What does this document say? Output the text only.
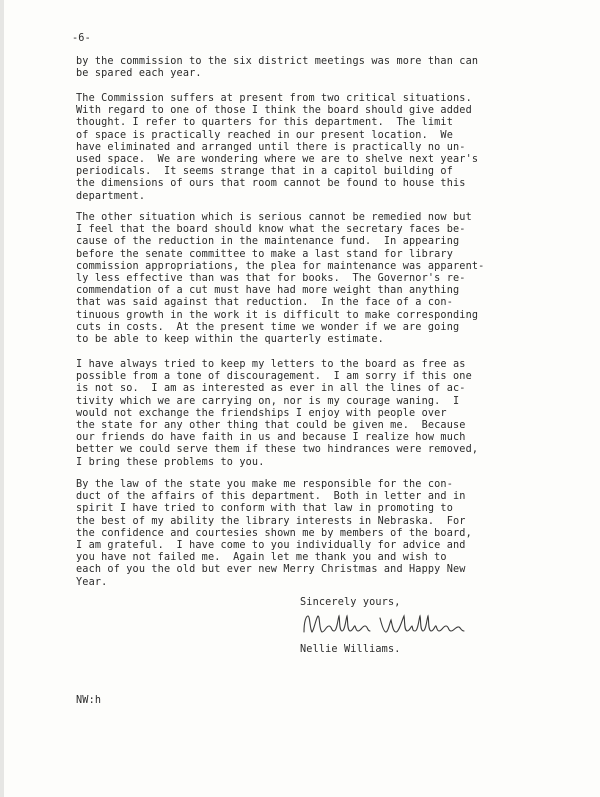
-6-
by the commission to the six district meetings was more than can
be spared each year.
The Commission suffers at present from two critical situations.
With regard to one of those I think the board should give added
thought. I refer to quarters for this department.  The limit
of space is practically reached in our present location.  We
have eliminated and arranged until there is practically no un-
used space.  We are wondering where we are to shelve next year's
periodicals.  It seems strange that in a capitol building of
the dimensions of ours that room cannot be found to house this
department.
The other situation which is serious cannot be remedied now but
I feel that the board should know what the secretary faces be-
cause of the reduction in the maintenance fund.  In appearing
before the senate committee to make a last stand for library
commission appropriations, the plea for maintenance was apparent-
ly less effective than was that for books.  The Governor's re-
commendation of a cut must have had more weight than anything
that was said against that reduction.  In the face of a con-
tinuous growth in the work it is difficult to make corresponding
cuts in costs.  At the present time we wonder if we are going
to be able to keep within the quarterly estimate.
I have always tried to keep my letters to the board as free as
possible from a tone of discouragement.  I am sorry if this one
is not so.  I am as interested as ever in all the lines of ac-
tivity which we are carrying on, nor is my courage waning.  I
would not exchange the friendships I enjoy with people over
the state for any other thing that could be given me.  Because
our friends do have faith in us and because I realize how much
better we could serve them if these two hindrances were removed,
I bring these problems to you.
By the law of the state you make me responsible for the con-
duct of the affairs of this department.  Both in letter and in
spirit I have tried to conform with that law in promoting to
the best of my ability the library interests in Nebraska.  For
the confidence and courtesies shown me by members of the board,
I am grateful.  I have come to you individually for advice and
you have not failed me.  Again let me thank you and wish to
each of you the old but ever new Merry Christmas and Happy New
Year.
Sincerely yours,
Nellie Williams.
NW:h
